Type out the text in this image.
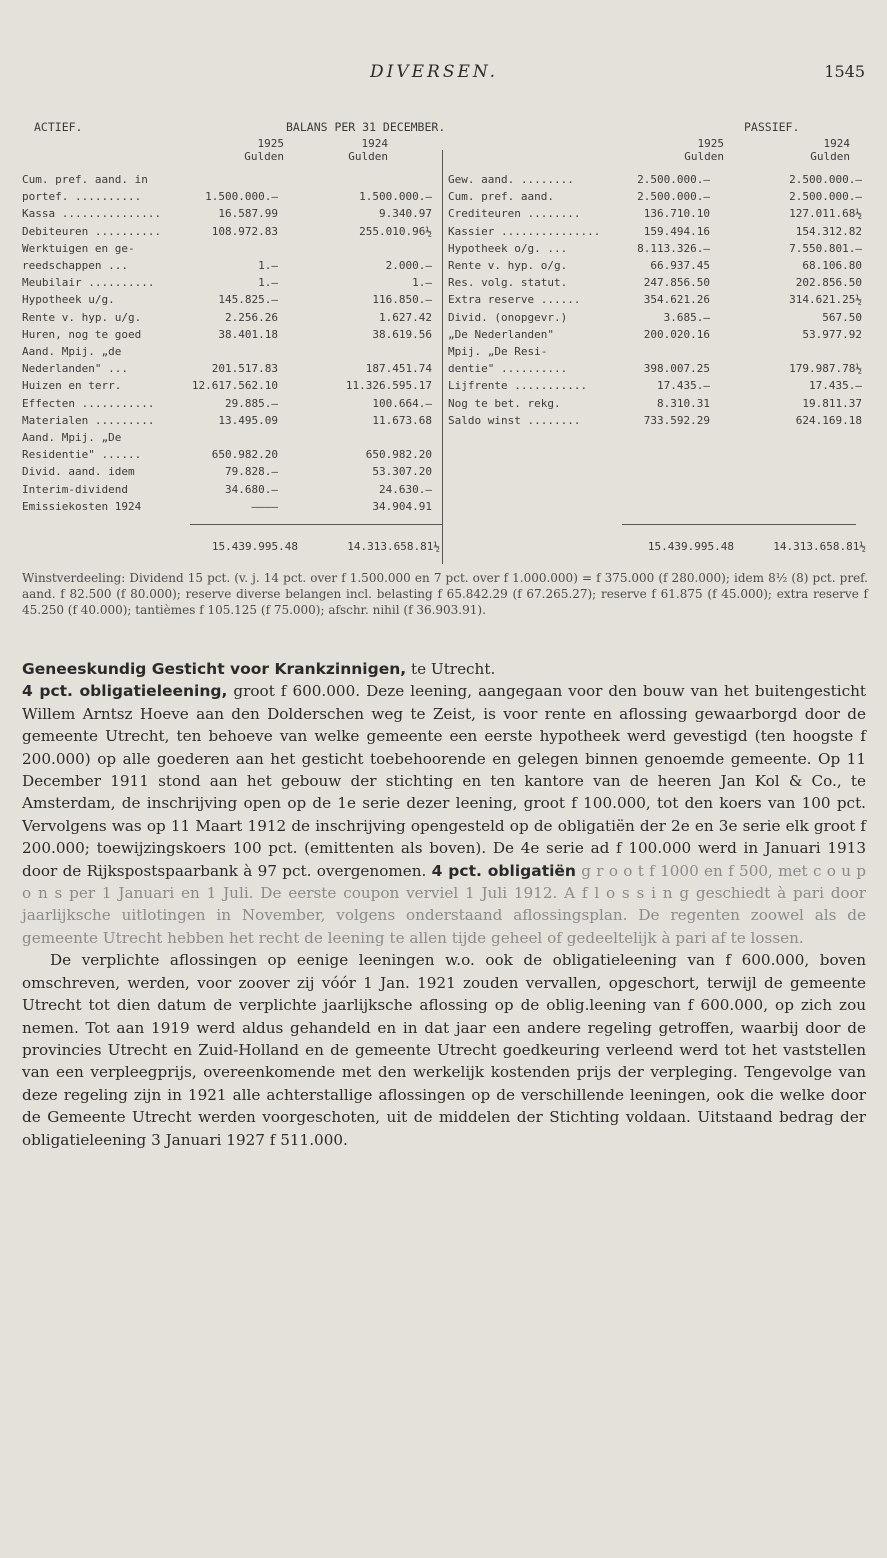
DIVERSEN.	1545
ACTIEF.	BALANS PER 31 DECEMBER.	PASSIEF.
1925
Gulden
1924
Gulden
1925
Gulden
1924
Gulden
Cum. pref. aand. in
portef. ..........	1.500.000.—	1.500.000.—
Kassa ...............	16.587.99	9.340.97
Debiteuren ..........	108.972.83	255.010.96½
Werktuigen en ge-
reedschappen ...	1.—	2.000.—
Meubilair ..........	1.—	1.—
Hypotheek u/g.	145.825.—	116.850.—
Rente v. hyp. u/g.	2.256.26	1.627.42
Huren, nog te goed	38.401.18	38.619.56
Aand. Mpij. „de
Nederlanden" ...	201.517.83	187.451.74
Huizen en terr.	12.617.562.10	11.326.595.17
Effecten ...........	29.885.—	100.664.—
Materialen .........	13.495.09	11.673.68
Aand. Mpij. „De
Residentie" ......	650.982.20	650.982.20
Divid. aand. idem	79.828.—	53.307.20
Interim-dividend	34.680.—	24.630.—
Emissiekosten 1924	————	34.904.91
Gew. aand. ........	2.500.000.—	2.500.000.—
Cum. pref. aand.	2.500.000.—	2.500.000.—
Crediteuren ........	136.710.10	127.011.68½
Kassier ...............	159.494.16	154.312.82
Hypotheek o/g. ...	8.113.326.—	7.550.801.—
Rente v. hyp. o/g.	66.937.45	68.106.80
Res. volg. statut.	247.856.50	202.856.50
Extra reserve ......	354.621.26	314.621.25½
Divid. (onopgevr.)	3.685.—	567.50
„De Nederlanden"	200.020.16	53.977.92
Mpij. „De Resi-
dentie" ..........	398.007.25	179.987.78½
Lijfrente ...........	17.435.—	17.435.—
Nog te bet. rekg.	8.310.31	19.811.37
Saldo winst ........	733.592.29	624.169.18
15.439.995.48	14.313.658.81½	15.439.995.48	14.313.658.81½
Winstverdeeling: Dividend 15 pct. (v. j. 14 pct. over f 1.500.000 en 7 pct. over f 1.000.000) = f 375.000 (f 280.000); idem 8½ (8) pct. pref. aand. f 82.500 (f 80.000); reserve diverse belangen incl. belasting f 65.842.29 (f 67.265.27); reserve f 61.875 (f 45.000); extra reserve f 45.250 (f 40.000); tantièmes f 105.125 (f 75.000); afschr. nihil (f 36.903.91).

Geneeskundig Gesticht voor Krankzinnigen, te Utrecht.
4 pct. obligatieleening, groot f 600.000. Deze leening, aangegaan voor den bouw van het buitengesticht Willem Arntsz Hoeve aan den Dolderschen weg te Zeist, is voor rente en aflossing gewaarborgd door de gemeente Utrecht, ten behoeve van welke gemeente een eerste hypotheek werd gevestigd (ten hoogste f 200.000) op alle goederen aan het gesticht toebehoorende en gelegen binnen genoemde gemeente. Op 11 December 1911 stond aan het gebouw der stichting en ten kantore van de heeren Jan Kol & Co., te Amsterdam, de inschrijving open op de 1e serie dezer leening, groot f 100.000, tot den koers van 100 pct. Vervolgens was op 11 Maart 1912 de inschrijving opengesteld op de obligatiën der 2e en 3e serie elk groot f 200.000; toewijzingskoers 100 pct. (emittenten als boven). De 4e serie ad f 100.000 werd in Januari 1913 door de Rijkspostspaarbank à 97 pct. overgenomen. 4 pct. obligatiën g r o o t f 1000 en f 500, met c o u p o n s per 1 Januari en 1 Juli. De eerste coupon verviel 1 Juli 1912. A f l o s s i n g geschiedt à pari door jaarlijksche uitlotingen in November, volgens onderstaand aflossingsplan. De regenten zoowel als de gemeente Utrecht hebben het recht de leening te allen tijde geheel of gedeeltelijk à pari af te lossen.

De verplichte aflossingen op eenige leeningen w.o. ook de obligatieleening van f 600.000, boven omschreven, werden, voor zoover zij vóór 1 Jan. 1921 zouden vervallen, opgeschort, terwijl de gemeente Utrecht tot dien datum de verplichte jaarlijksche aflossing op de oblig.leening van f 600.000, op zich zou nemen. Tot aan 1919 werd aldus gehandeld en in dat jaar een andere regeling getroffen, waarbij door de provincies Utrecht en Zuid-Holland en de gemeente Utrecht goedkeuring verleend werd tot het vaststellen van een verpleegprijs, overeenkomende met den werkelijk kostenden prijs der verpleging. Tengevolge van deze regeling zijn in 1921 alle achterstallige aflossingen op de verschillende leeningen, ook die welke door de Gemeente Utrecht werden voorgeschoten, uit de middelen der Stichting voldaan. Uitstaand bedrag der obligatieleening 3 Januari 1927 f 511.000.
